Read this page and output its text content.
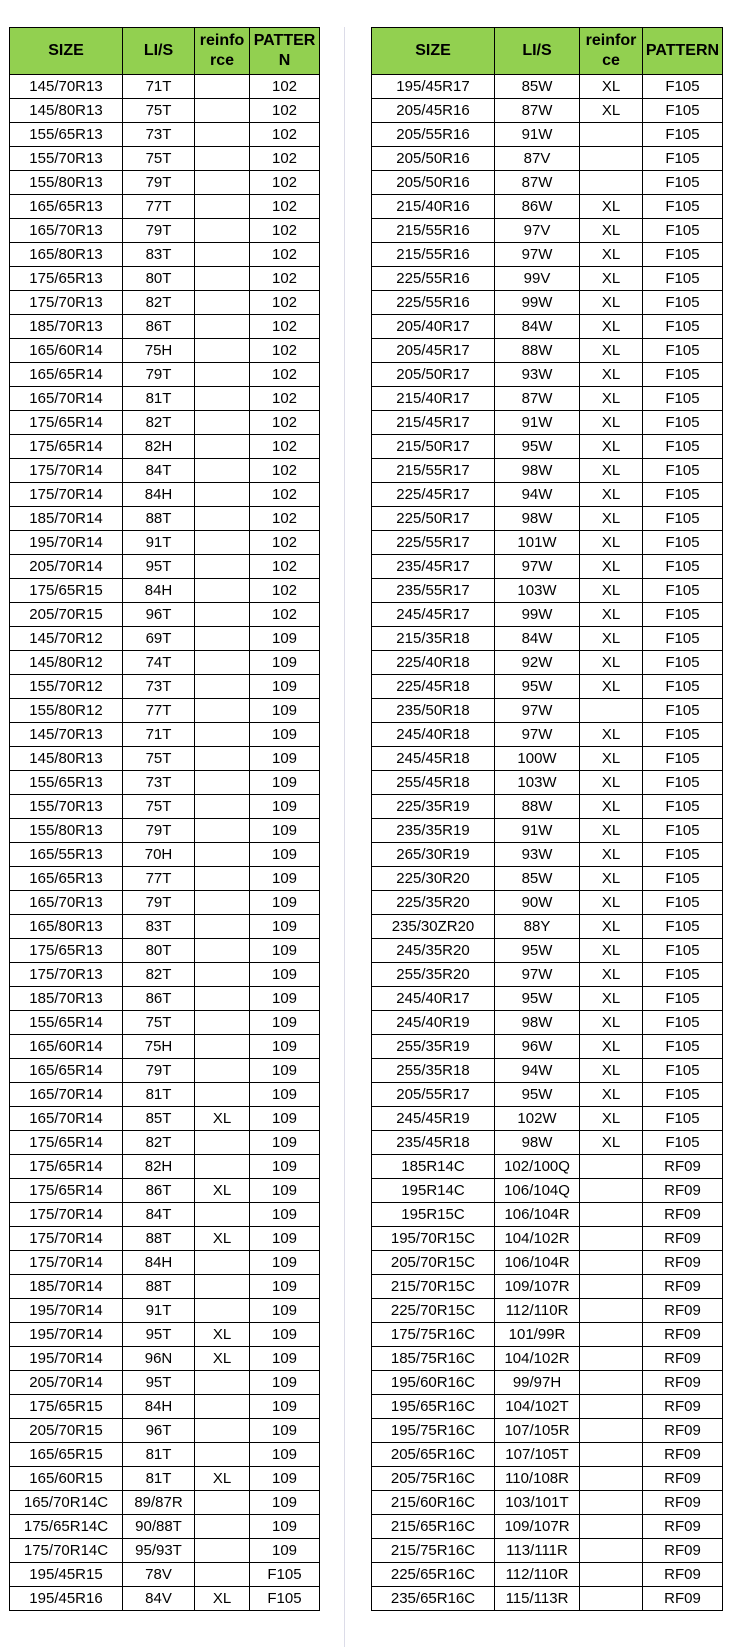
SIZE	LI/S	reinfo rce	PATTER N
145/70R13	71T		102
145/80R13	75T		102
155/65R13	73T		102
155/70R13	75T		102
155/80R13	79T		102
165/65R13	77T		102
165/70R13	79T		102
165/80R13	83T		102
175/65R13	80T		102
175/70R13	82T		102
185/70R13	86T		102
165/60R14	75H		102
165/65R14	79T		102
165/70R14	81T		102
175/65R14	82T		102
175/65R14	82H		102
175/70R14	84T		102
175/70R14	84H		102
185/70R14	88T		102
195/70R14	91T		102
205/70R14	95T		102
175/65R15	84H		102
205/70R15	96T		102
145/70R12	69T		109
145/80R12	74T		109
155/70R12	73T		109
155/80R12	77T		109
145/70R13	71T		109
145/80R13	75T		109
155/65R13	73T		109
155/70R13	75T		109
155/80R13	79T		109
165/55R13	70H		109
165/65R13	77T		109
165/70R13	79T		109
165/80R13	83T		109
175/65R13	80T		109
175/70R13	82T		109
185/70R13	86T		109
155/65R14	75T		109
165/60R14	75H		109
165/65R14	79T		109
165/70R14	81T		109
165/70R14	85T	XL	109
175/65R14	82T		109
175/65R14	82H		109
175/65R14	86T	XL	109
175/70R14	84T		109
175/70R14	88T	XL	109
175/70R14	84H		109
185/70R14	88T		109
195/70R14	91T		109
195/70R14	95T	XL	109
195/70R14	96N	XL	109
205/70R14	95T		109
175/65R15	84H		109
205/70R15	96T		109
165/65R15	81T		109
165/60R15	81T	XL	109
165/70R14C	89/87R		109
175/65R14C	90/88T		109
175/70R14C	95/93T		109
195/45R15	78V		F105
195/45R16	84V	XL	F105
SIZE	LI/S	reinfor ce	PATTERN
195/45R17	85W	XL	F105
205/45R16	87W	XL	F105
205/55R16	91W		F105
205/50R16	87V		F105
205/50R16	87W		F105
215/40R16	86W	XL	F105
215/55R16	97V	XL	F105
215/55R16	97W	XL	F105
225/55R16	99V	XL	F105
225/55R16	99W	XL	F105
205/40R17	84W	XL	F105
205/45R17	88W	XL	F105
205/50R17	93W	XL	F105
215/40R17	87W	XL	F105
215/45R17	91W	XL	F105
215/50R17	95W	XL	F105
215/55R17	98W	XL	F105
225/45R17	94W	XL	F105
225/50R17	98W	XL	F105
225/55R17	101W	XL	F105
235/45R17	97W	XL	F105
235/55R17	103W	XL	F105
245/45R17	99W	XL	F105
215/35R18	84W	XL	F105
225/40R18	92W	XL	F105
225/45R18	95W	XL	F105
235/50R18	97W		F105
245/40R18	97W	XL	F105
245/45R18	100W	XL	F105
255/45R18	103W	XL	F105
225/35R19	88W	XL	F105
235/35R19	91W	XL	F105
265/30R19	93W	XL	F105
225/30R20	85W	XL	F105
225/35R20	90W	XL	F105
235/30ZR20	88Y	XL	F105
245/35R20	95W	XL	F105
255/35R20	97W	XL	F105
245/40R17	95W	XL	F105
245/40R19	98W	XL	F105
255/35R19	96W	XL	F105
255/35R18	94W	XL	F105
205/55R17	95W	XL	F105
245/45R19	102W	XL	F105
235/45R18	98W	XL	F105
185R14C	102/100Q		RF09
195R14C	106/104Q		RF09
195R15C	106/104R		RF09
195/70R15C	104/102R		RF09
205/70R15C	106/104R		RF09
215/70R15C	109/107R		RF09
225/70R15C	112/110R		RF09
175/75R16C	101/99R		RF09
185/75R16C	104/102R		RF09
195/60R16C	99/97H		RF09
195/65R16C	104/102T		RF09
195/75R16C	107/105R		RF09
205/65R16C	107/105T		RF09
205/75R16C	110/108R		RF09
215/60R16C	103/101T		RF09
215/65R16C	109/107R		RF09
215/75R16C	113/111R		RF09
225/65R16C	112/110R		RF09
235/65R16C	115/113R		RF09
